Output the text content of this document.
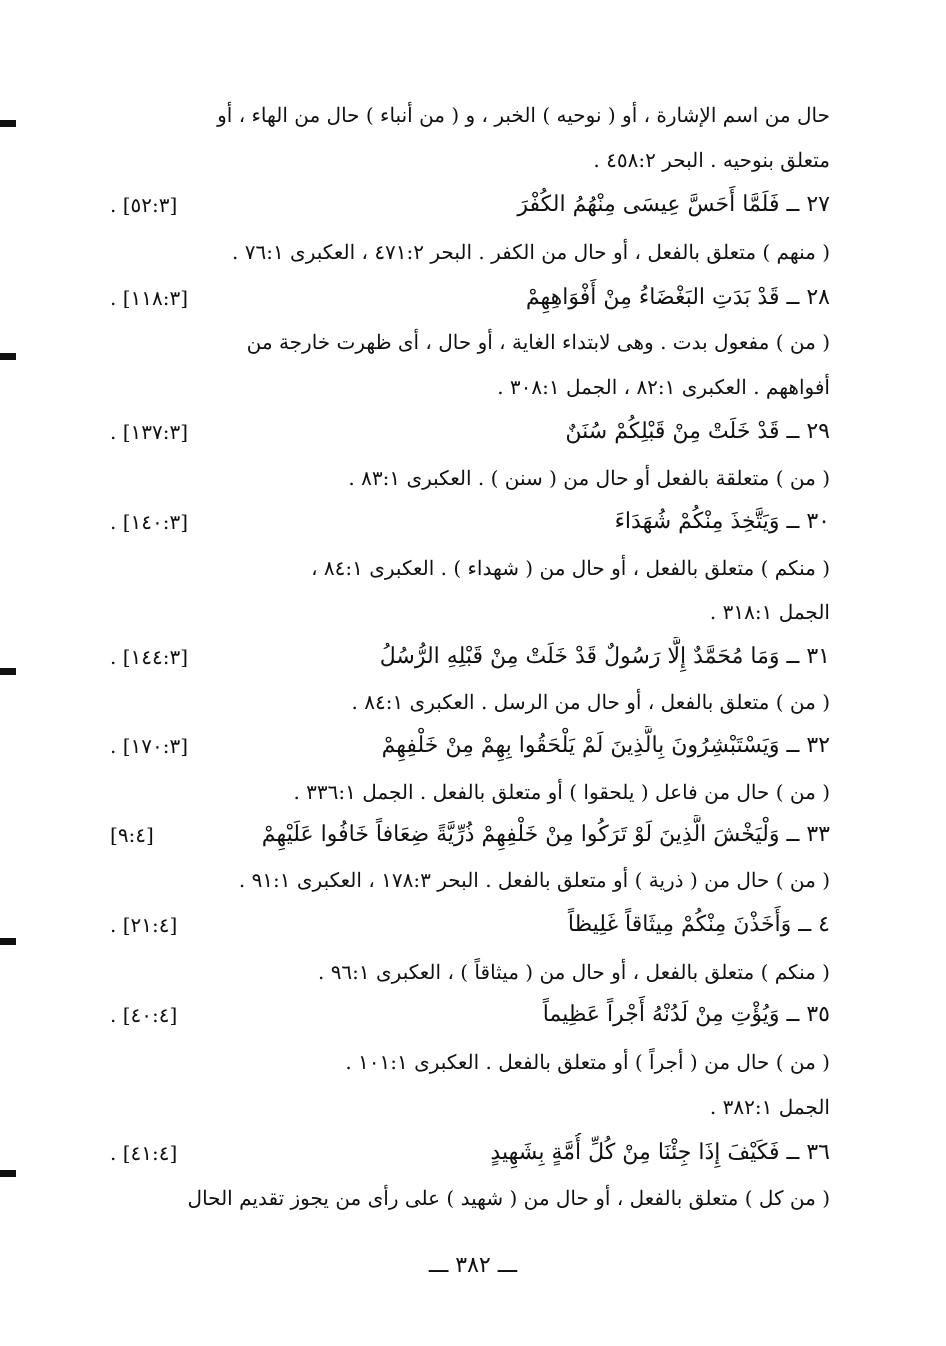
حال من اسم الإشارة ، أو ( نوحيه ) الخبر ، و ( من أنباء ) حال من الهاء ، أو
متعلق بنوحيه . البحر ٤٥٨:٢ .
٢٧ ــ فَلَمَّا أَحَسَّ عِيسَى مِنْهُمُ الكُفْرَ
[٥٢:٣] .
( منهم ) متعلق بالفعل ، أو حال من الكفر . البحر ٤٧١:٢ ، العكبرى ٧٦:١ .
٢٨ ــ قَدْ بَدَتِ البَغْضَاءُ مِنْ أَفْوَاهِهِمْ
[١١٨:٣] .
( من ) مفعول بدت . وهى لابتداء الغاية ، أو حال ، أى ظهرت خارجة من
أفواههم . العكبرى ٨٢:١ ، الجمل ٣٠٨:١ .
٢٩ ــ قَدْ خَلَتْ مِنْ قَبْلِكُمْ سُنَنٌ
[١٣٧:٣] .
( من ) متعلقة بالفعل أو حال من ( سنن ) . العكبرى ٨٣:١ .
٣٠ ــ وَيَتَّخِذَ مِنْكُمْ شُهَدَاءَ
[١٤٠:٣] .
( منكم ) متعلق بالفعل ، أو حال من ( شهداء ) . العكبرى ٨٤:١ ،
الجمل ٣١٨:١ .
٣١ ــ وَمَا مُحَمَّدٌ إِلَّا رَسُولٌ قَدْ خَلَتْ مِنْ قَبْلِهِ الرُّسُلُ
[١٤٤:٣] .
( من ) متعلق بالفعل ، أو حال من الرسل . العكبرى ٨٤:١ .
٣٢ ــ وَيَسْتَبْشِرُونَ بِالَّذِينَ لَمْ يَلْحَقُوا بِهِمْ مِنْ خَلْفِهِمْ
[١٧٠:٣] .
( من ) حال من فاعل ( يلحقوا ) أو متعلق بالفعل . الجمل ٣٣٦:١ .
٣٣ ــ وَلْيَخْشَ الَّذِينَ لَوْ تَرَكُوا مِنْ خَلْفِهِمْ ذُرِّيَّةً ضِعَافاً خَافُوا عَلَيْهِمْ
[٩:٤]
( من ) حال من ( ذرية ) أو متعلق بالفعل . البحر ١٧٨:٣ ، العكبرى ٩١:١ .
٤ ــ وَأَخَذْنَ مِنْكُمْ مِيثَاقاً غَلِيظاً
[٢١:٤] .
( منكم ) متعلق بالفعل ، أو حال من ( ميثاقاً ) ، العكبرى ٩٦:١ .
٣٥ ــ وَيُؤْتِ مِنْ لَدُنْهُ أَجْراً عَظِيماً
[٤٠:٤] .
( من ) حال من ( أجراً ) أو متعلق بالفعل . العكبرى ١٠١:١ .
الجمل ٣٨٢:١ .
٣٦ ــ فَكَيْفَ إِذَا جِئْنَا مِنْ كُلِّ أُمَّةٍ بِشَهِيدٍ
[٤١:٤] .
( من كل ) متعلق بالفعل ، أو حال من ( شهيد ) على رأى من يجوز تقديم الحال
ـــ ٣٨٢ ـــ
